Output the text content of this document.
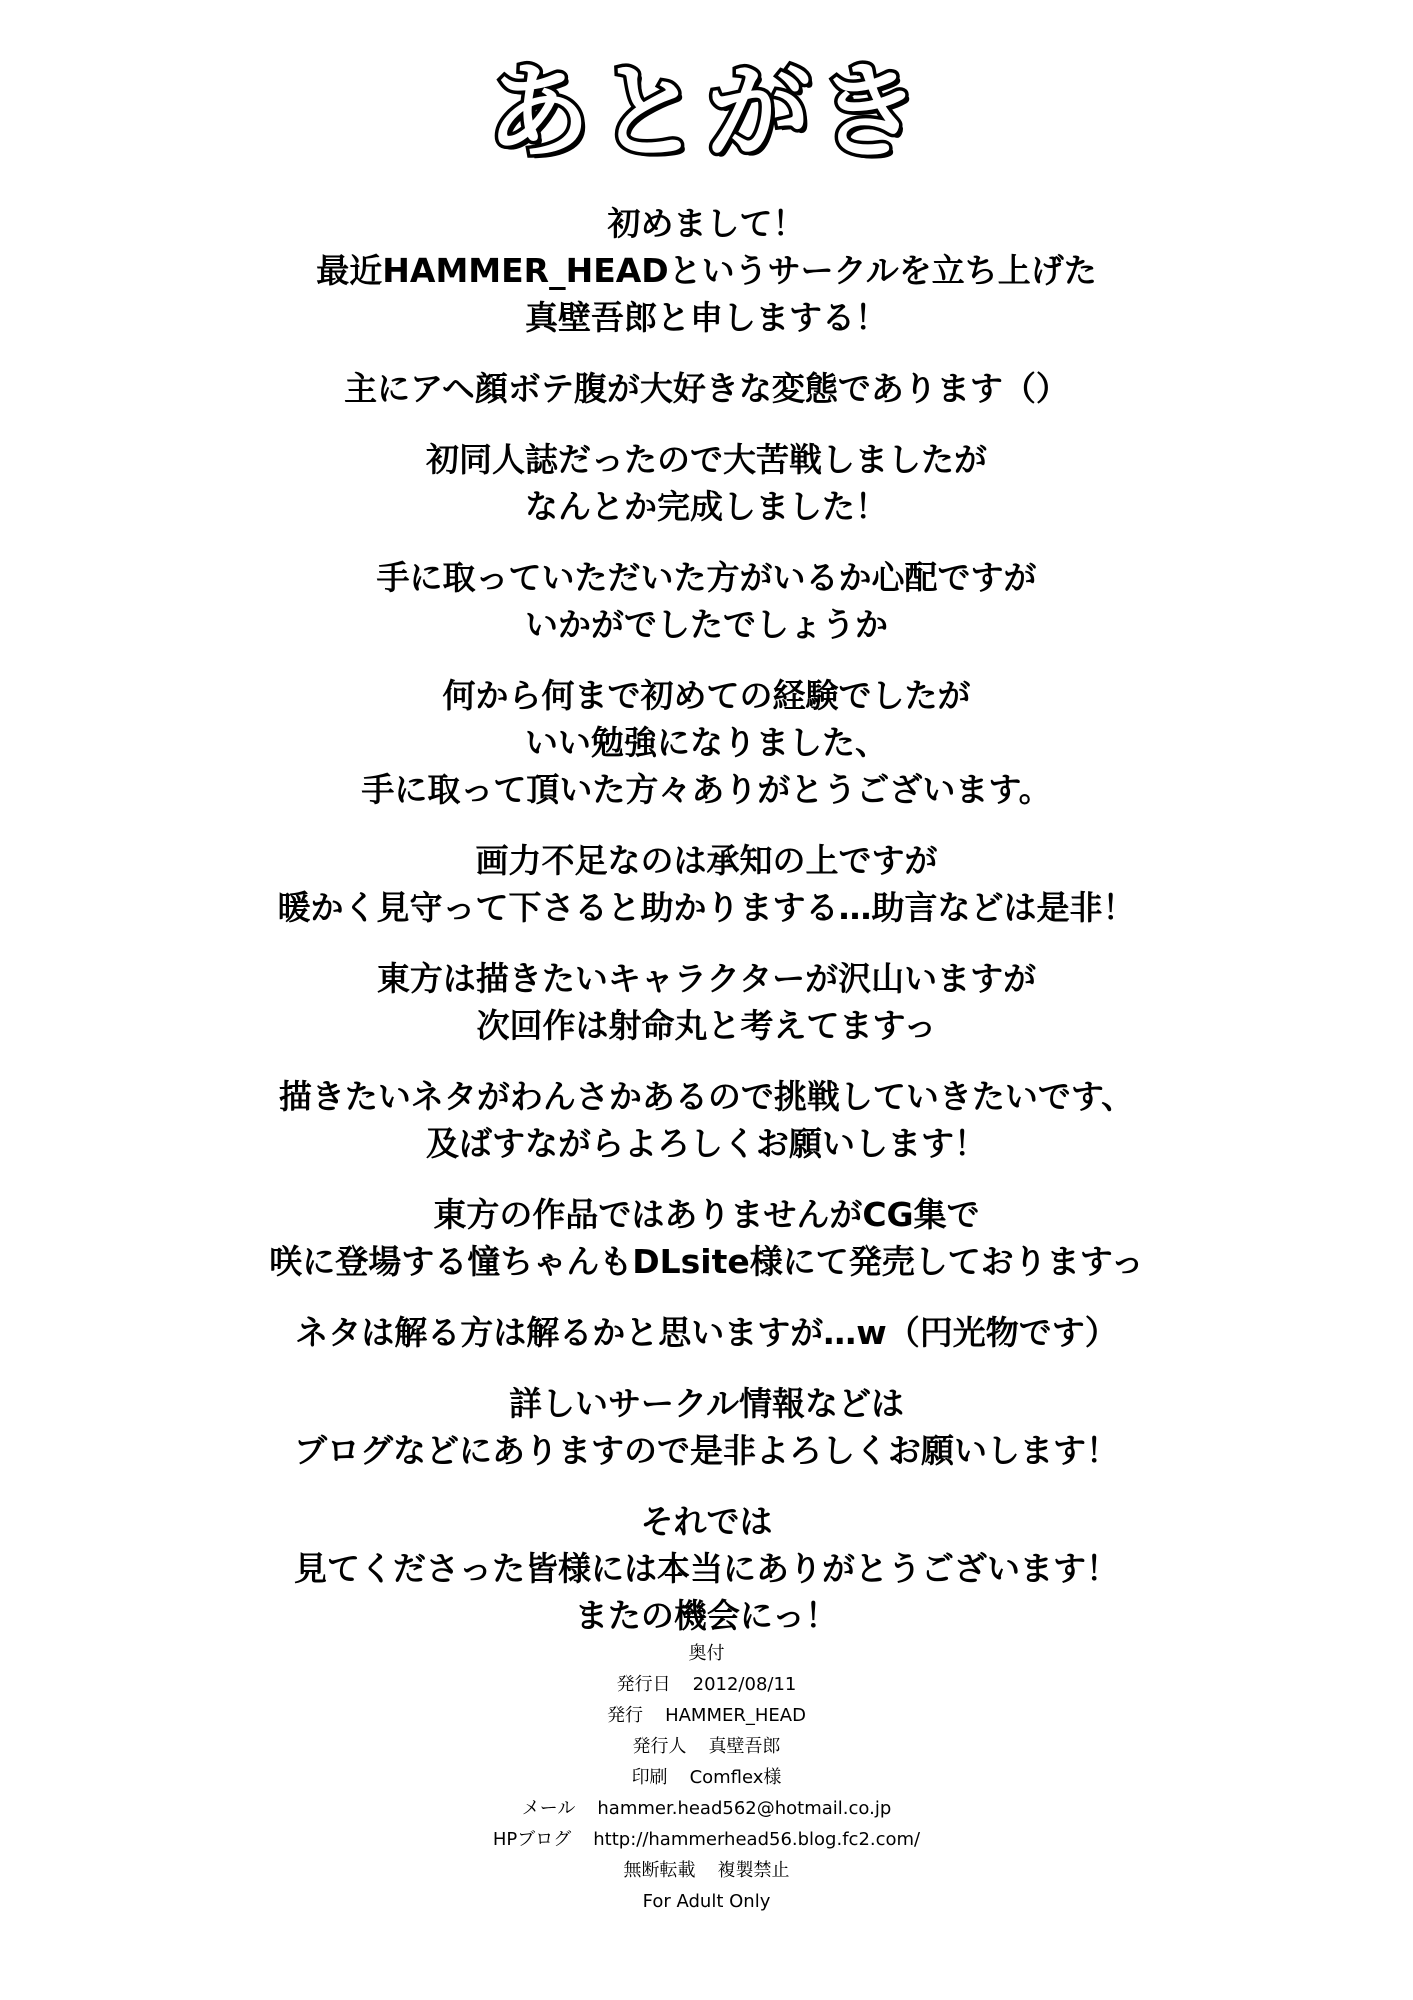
あとがき
初めまして！
最近HAMMER_HEADというサークルを立ち上げた
真壁吾郎と申しまする！
主にアヘ顔ボテ腹が大好きな変態であります（）
初同人誌だったので大苦戦しましたが
なんとか完成しました！
手に取っていただいた方がいるか心配ですが
いかがでしたでしょうか
何から何まで初めての経験でしたが
いい勉強になりました、
手に取って頂いた方々ありがとうございます。
画力不足なのは承知の上ですが
暖かく見守って下さると助かりまする…助言などは是非！
東方は描きたいキャラクターが沢山いますが
次回作は射命丸と考えてますっ
描きたいネタがわんさかあるので挑戦していきたいです、
及ばすながらよろしくお願いします！
東方の作品ではありませんがCG集で
咲に登場する憧ちゃんもDLsite様にて発売しておりますっ
ネタは解る方は解るかと思いますが…w（円光物です）
詳しいサークル情報などは
ブログなどにありますので是非よろしくお願いします！
それでは
見てくださった皆様には本当にありがとうございます！
またの機会にっ！
奥付
発行日 2012/08/11
発行 HAMMER_HEAD
発行人 真壁吾郎
印刷 Comflex様
メール hammer.head562@hotmail.co.jp
HPブログ http://hammerhead56.blog.fc2.com/
無断転載 複製禁止
For Adult Only
